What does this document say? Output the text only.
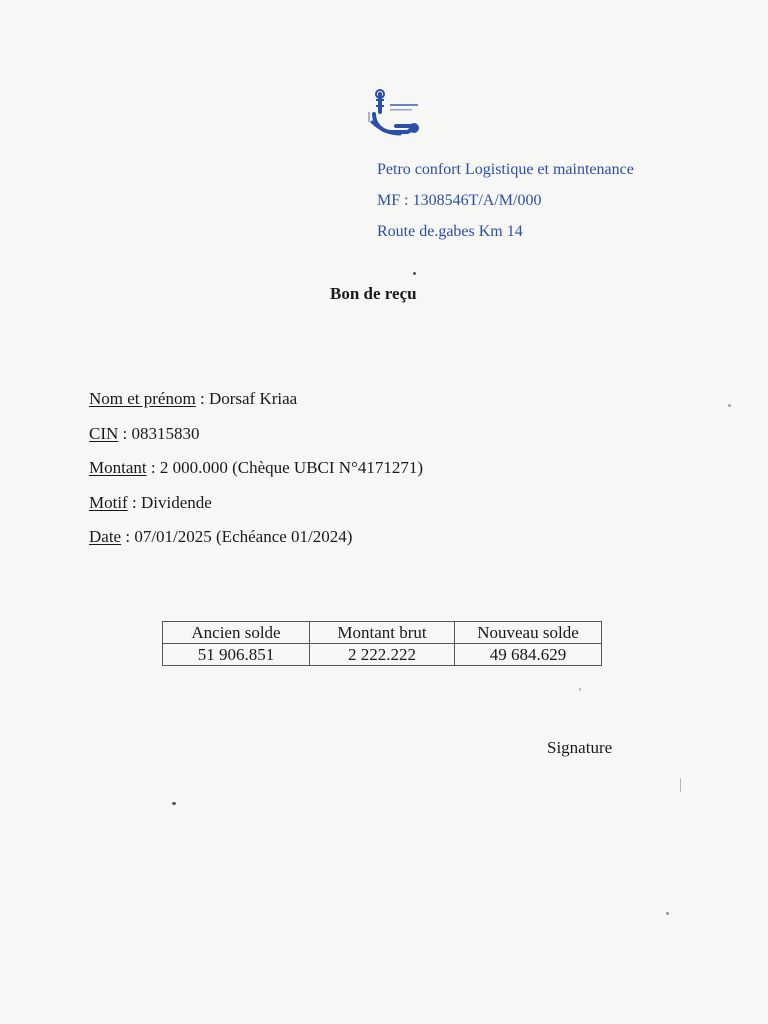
Petro confort Logistique et maintenance
MF : 1308546T/A/M/000
Route de.gabes Km 14
Bon de reçu
Nom et prénom : Dorsaf Kriaa
CIN : 08315830
Montant : 2 000.000 (Chèque UBCI N°4171271)
Motif : Dividende
Date : 07/01/2025 (Echéance 01/2024)
Ancien solde	Montant brut	Nouveau solde
51 906.851	2 222.222	49 684.629
Signature
